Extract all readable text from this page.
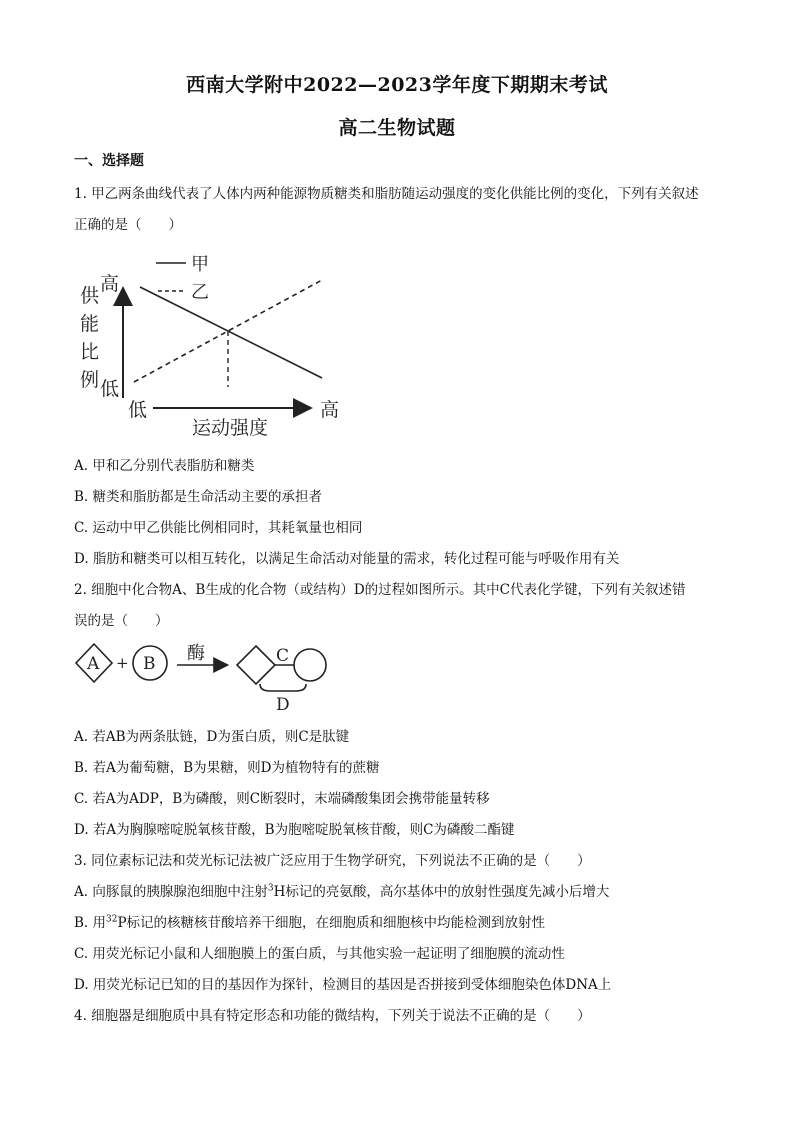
西南大学附中2022—2023学年度下期期末考试
高二生物试题
一、选择题
1. 甲乙两条曲线代表了人体内两种能源物质糖类和脂肪随运动强度的变化供能比例的变化，下列有关叙述
正确的是（　　）
供
能
比
例
高
低
低	高
运动强度
甲
乙
A. 甲和乙分别代表脂肪和糖类
B. 糖类和脂肪都是生命活动主要的承担者
C. 运动中甲乙供能比例相同时，其耗氧量也相同
D. 脂肪和糖类可以相互转化，以满足生命活动对能量的需求，转化过程可能与呼吸作用有关
2. 细胞中化合物A、B生成的化合物（或结构）D的过程如图所示。其中C代表化学键，下列有关叙述错
误的是（　　）
A + B 酶	C
D
A. 若AB为两条肽链，D为蛋白质，则C是肽键
B. 若A为葡萄糖，B为果糖，则D为植物特有的蔗糖
C. 若A为ADP，B为磷酸，则C断裂时，末端磷酸集团会携带能量转移
D. 若A为胸腺嘧啶脱氧核苷酸，B为胞嘧啶脱氧核苷酸，则C为磷酸二酯键
3. 同位素标记法和荧光标记法被广泛应用于生物学研究，下列说法不正确的是（　　）
A. 向豚鼠的胰腺腺泡细胞中注射$^3$H标记的亮氨酸，高尔基体中的放射性强度先减小后增大
B. 用$^{32}$P标记的核糖核苷酸培养干细胞，在细胞质和细胞核中均能检测到放射性
C. 用荧光标记小鼠和人细胞膜上的蛋白质，与其他实验一起证明了细胞膜的流动性
D. 用荧光标记已知的目的基因作为探针，检测目的基因是否拼接到受体细胞染色体DNA上
4. 细胞器是细胞质中具有特定形态和功能的微结构，下列关于说法不正确的是（　　）
